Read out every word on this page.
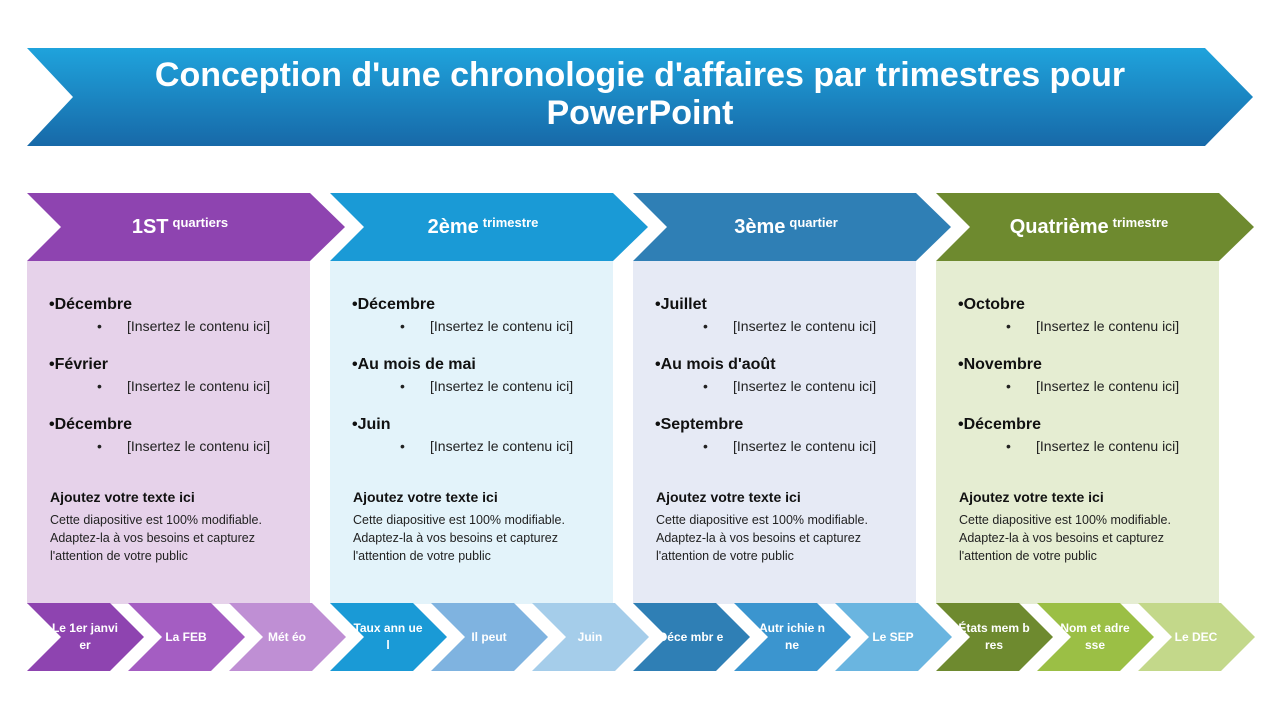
Conception d'une chronologie d'affaires par trimestres pour PowerPoint
•Décembre
• [Insertez le contenu ici]
•Février
• [Insertez le contenu ici]
•Décembre
• [Insertez le contenu ici]
Ajoutez votre texte ici
Cette diapositive est 100% modifiable. Adaptez-la à vos besoins et capturez l'attention de votre public
1ST $^{quartiers}$
•Décembre
• [Insertez le contenu ici]
•Au mois de mai
• [Insertez le contenu ici]
•Juin
• [Insertez le contenu ici]
Ajoutez votre texte ici
Cette diapositive est 100% modifiable. Adaptez-la à vos besoins et capturez l'attention de votre public
2ème $^{trimestre}$
•Juillet
• [Insertez le contenu ici]
•Au mois d'août
• [Insertez le contenu ici]
•Septembre
• [Insertez le contenu ici]
Ajoutez votre texte ici
Cette diapositive est 100% modifiable. Adaptez-la à vos besoins et capturez l'attention de votre public
3ème $^{quartier}$
•Octobre
• [Insertez le contenu ici]
•Novembre
• [Insertez le contenu ici]
•Décembre
• [Insertez le contenu ici]
Ajoutez votre texte ici
Cette diapositive est 100% modifiable. Adaptez-la à vos besoins et capturez l'attention de votre public
Quatrième $^{trimestre}$
Le 1er janvi er
La FEB	Mét éo
Taux ann uel
Il peut	Juin	Déce mbr e
Autr ichie nne
Le SEP
États mem bres
Nom et adre sse
Le DEC
